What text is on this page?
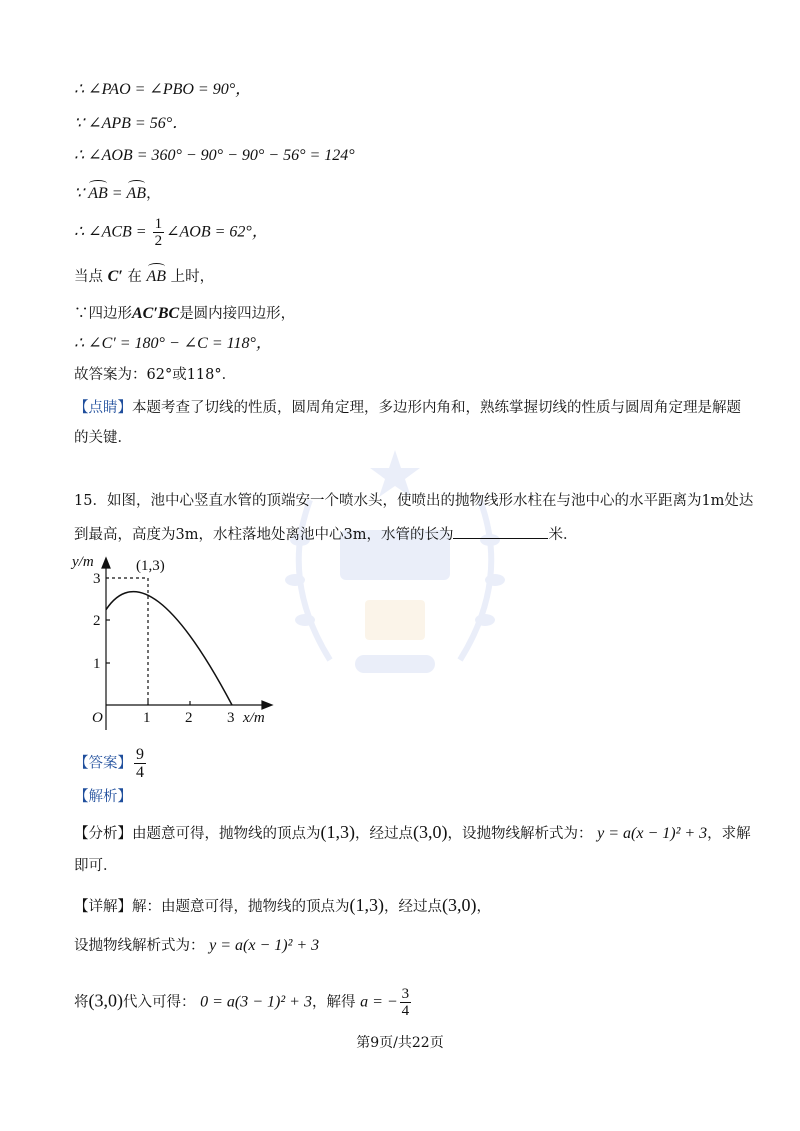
∴ ∠PAO = ∠PBO = 90°，
∵ ∠APB = 56°．
∴ ∠AOB = 360° − 90° − 90° − 56° = 124°
∵ AB = AB，
∴ ∠ACB = $\frac{1}{2}$ ∠AOB = 62°，
当点 C′ 在 AB 上时，
∵四边形AC′BC是圆内接四边形，
∴ ∠C′ = 180° − ∠C = 118°，
故答案为：62°或118°．
【点睛】本题考查了切线的性质，圆周角定理，多边形内角和，熟练掌握切线的性质与圆周角定理是解题
的关键．
15．如图，池中心竖直水管的顶端安一个喷水头，使喷出的抛物线形水柱在与池中心的水平距离为1m处达
到最高，高度为3m，水柱落地处离池中心3m，水管的长为	米．
y/m
x/m
O
(1,3)
1 2 3
1
2
3
【答案】 $\frac{9}{4}$
【解析】
【分析】由题意可得，抛物线的顶点为(1,3)，经过点(3,0)，设抛物线解析式为： y = a(x − 1)² + 3，求解
即可．
【详解】解：由题意可得，抛物线的顶点为(1,3)，经过点(3,0)，
设抛物线解析式为： y = a(x − 1)² + 3
将(3,0)代入可得： 0 = a(3 − 1)² + 3，解得 a = − $\frac{3}{4}$
第9页/共22页
